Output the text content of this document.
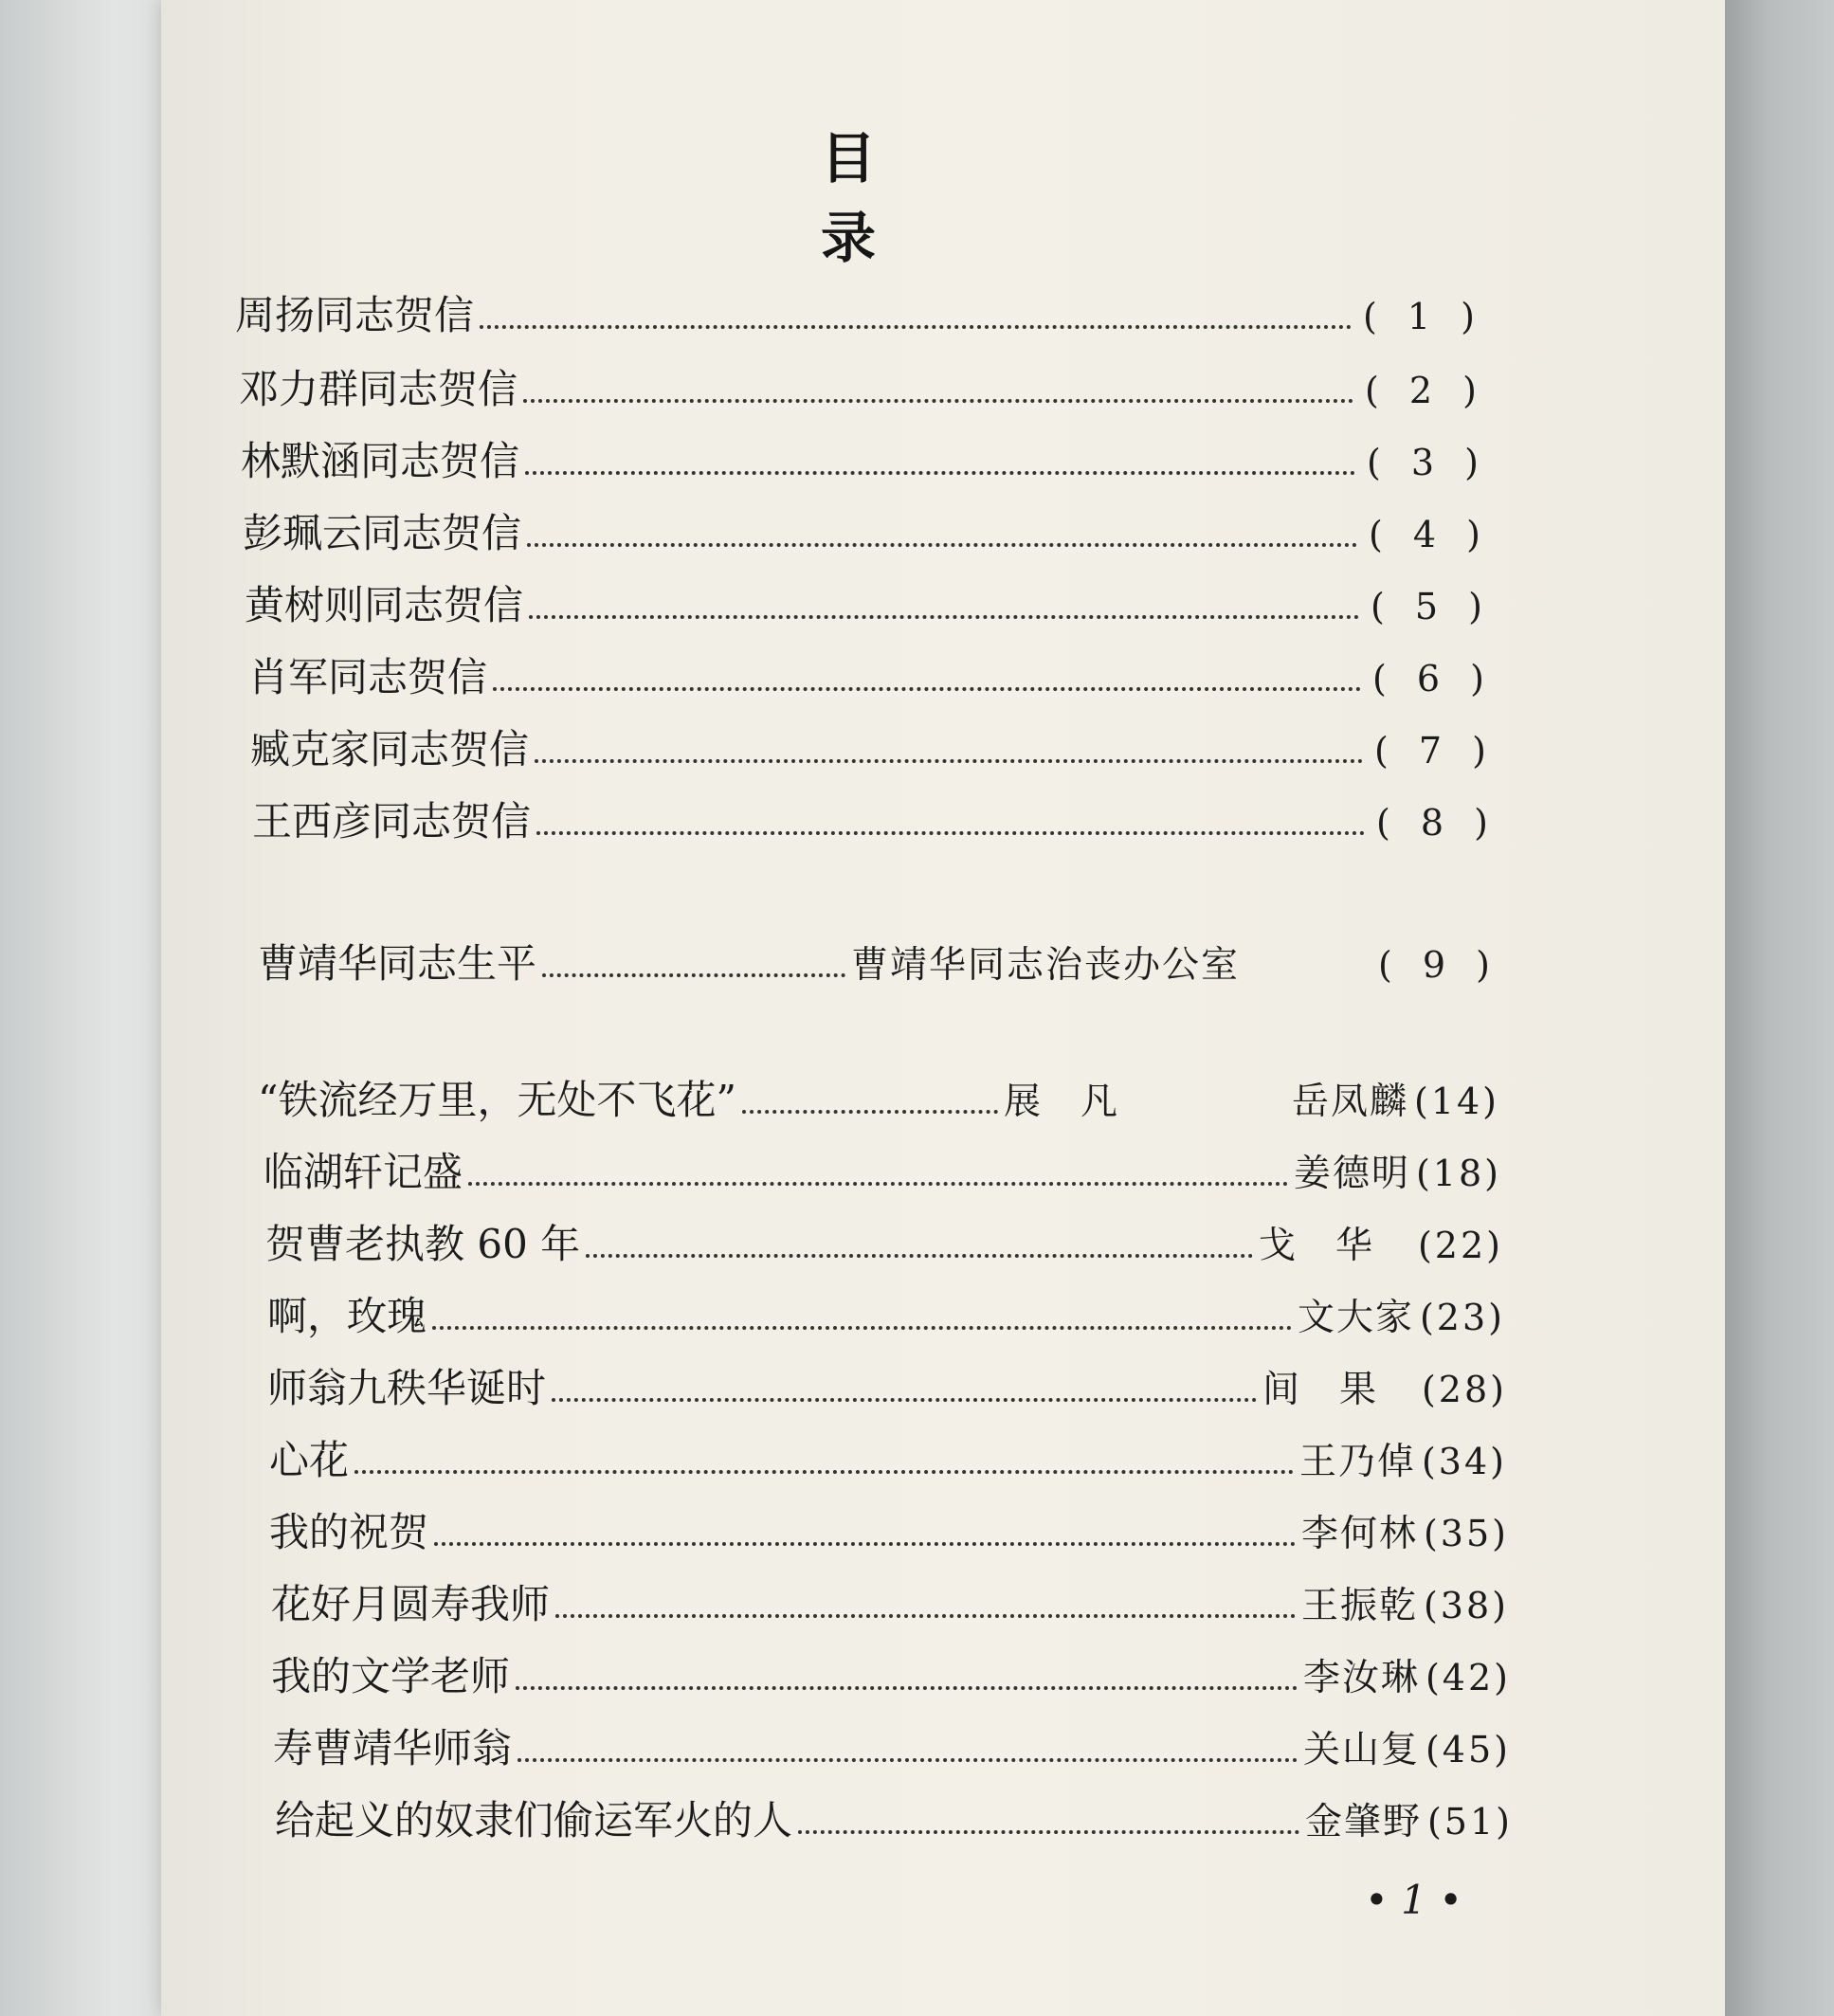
目　录
周扬同志贺信	( 1 )
邓力群同志贺信	( 2 )
林默涵同志贺信	( 3 )
彭珮云同志贺信	( 4 )
黄树则同志贺信	( 5 )
肖军同志贺信	( 6 )
臧克家同志贺信	( 7 )
王西彦同志贺信	( 8 )
曹靖华同志生平	曹靖华同志治丧办公室	( 9 )
“铁流经万里，无处不飞花”	展凡	岳凤麟 (14)
临湖轩记盛	姜德明 (18)
贺曹老执教 60 年	戈华 (22)
啊，玫瑰	文大家 (23)
师翁九秩华诞时	间果 (28)
心花	王乃倬 (34)
我的祝贺	李何林 (35)
花好月圆寿我师	王振乾 (38)
我的文学老师	李汝琳 (42)
寿曹靖华师翁	关山复 (45)
给起义的奴隶们偷运军火的人	金肇野 (51)
• 1 •
